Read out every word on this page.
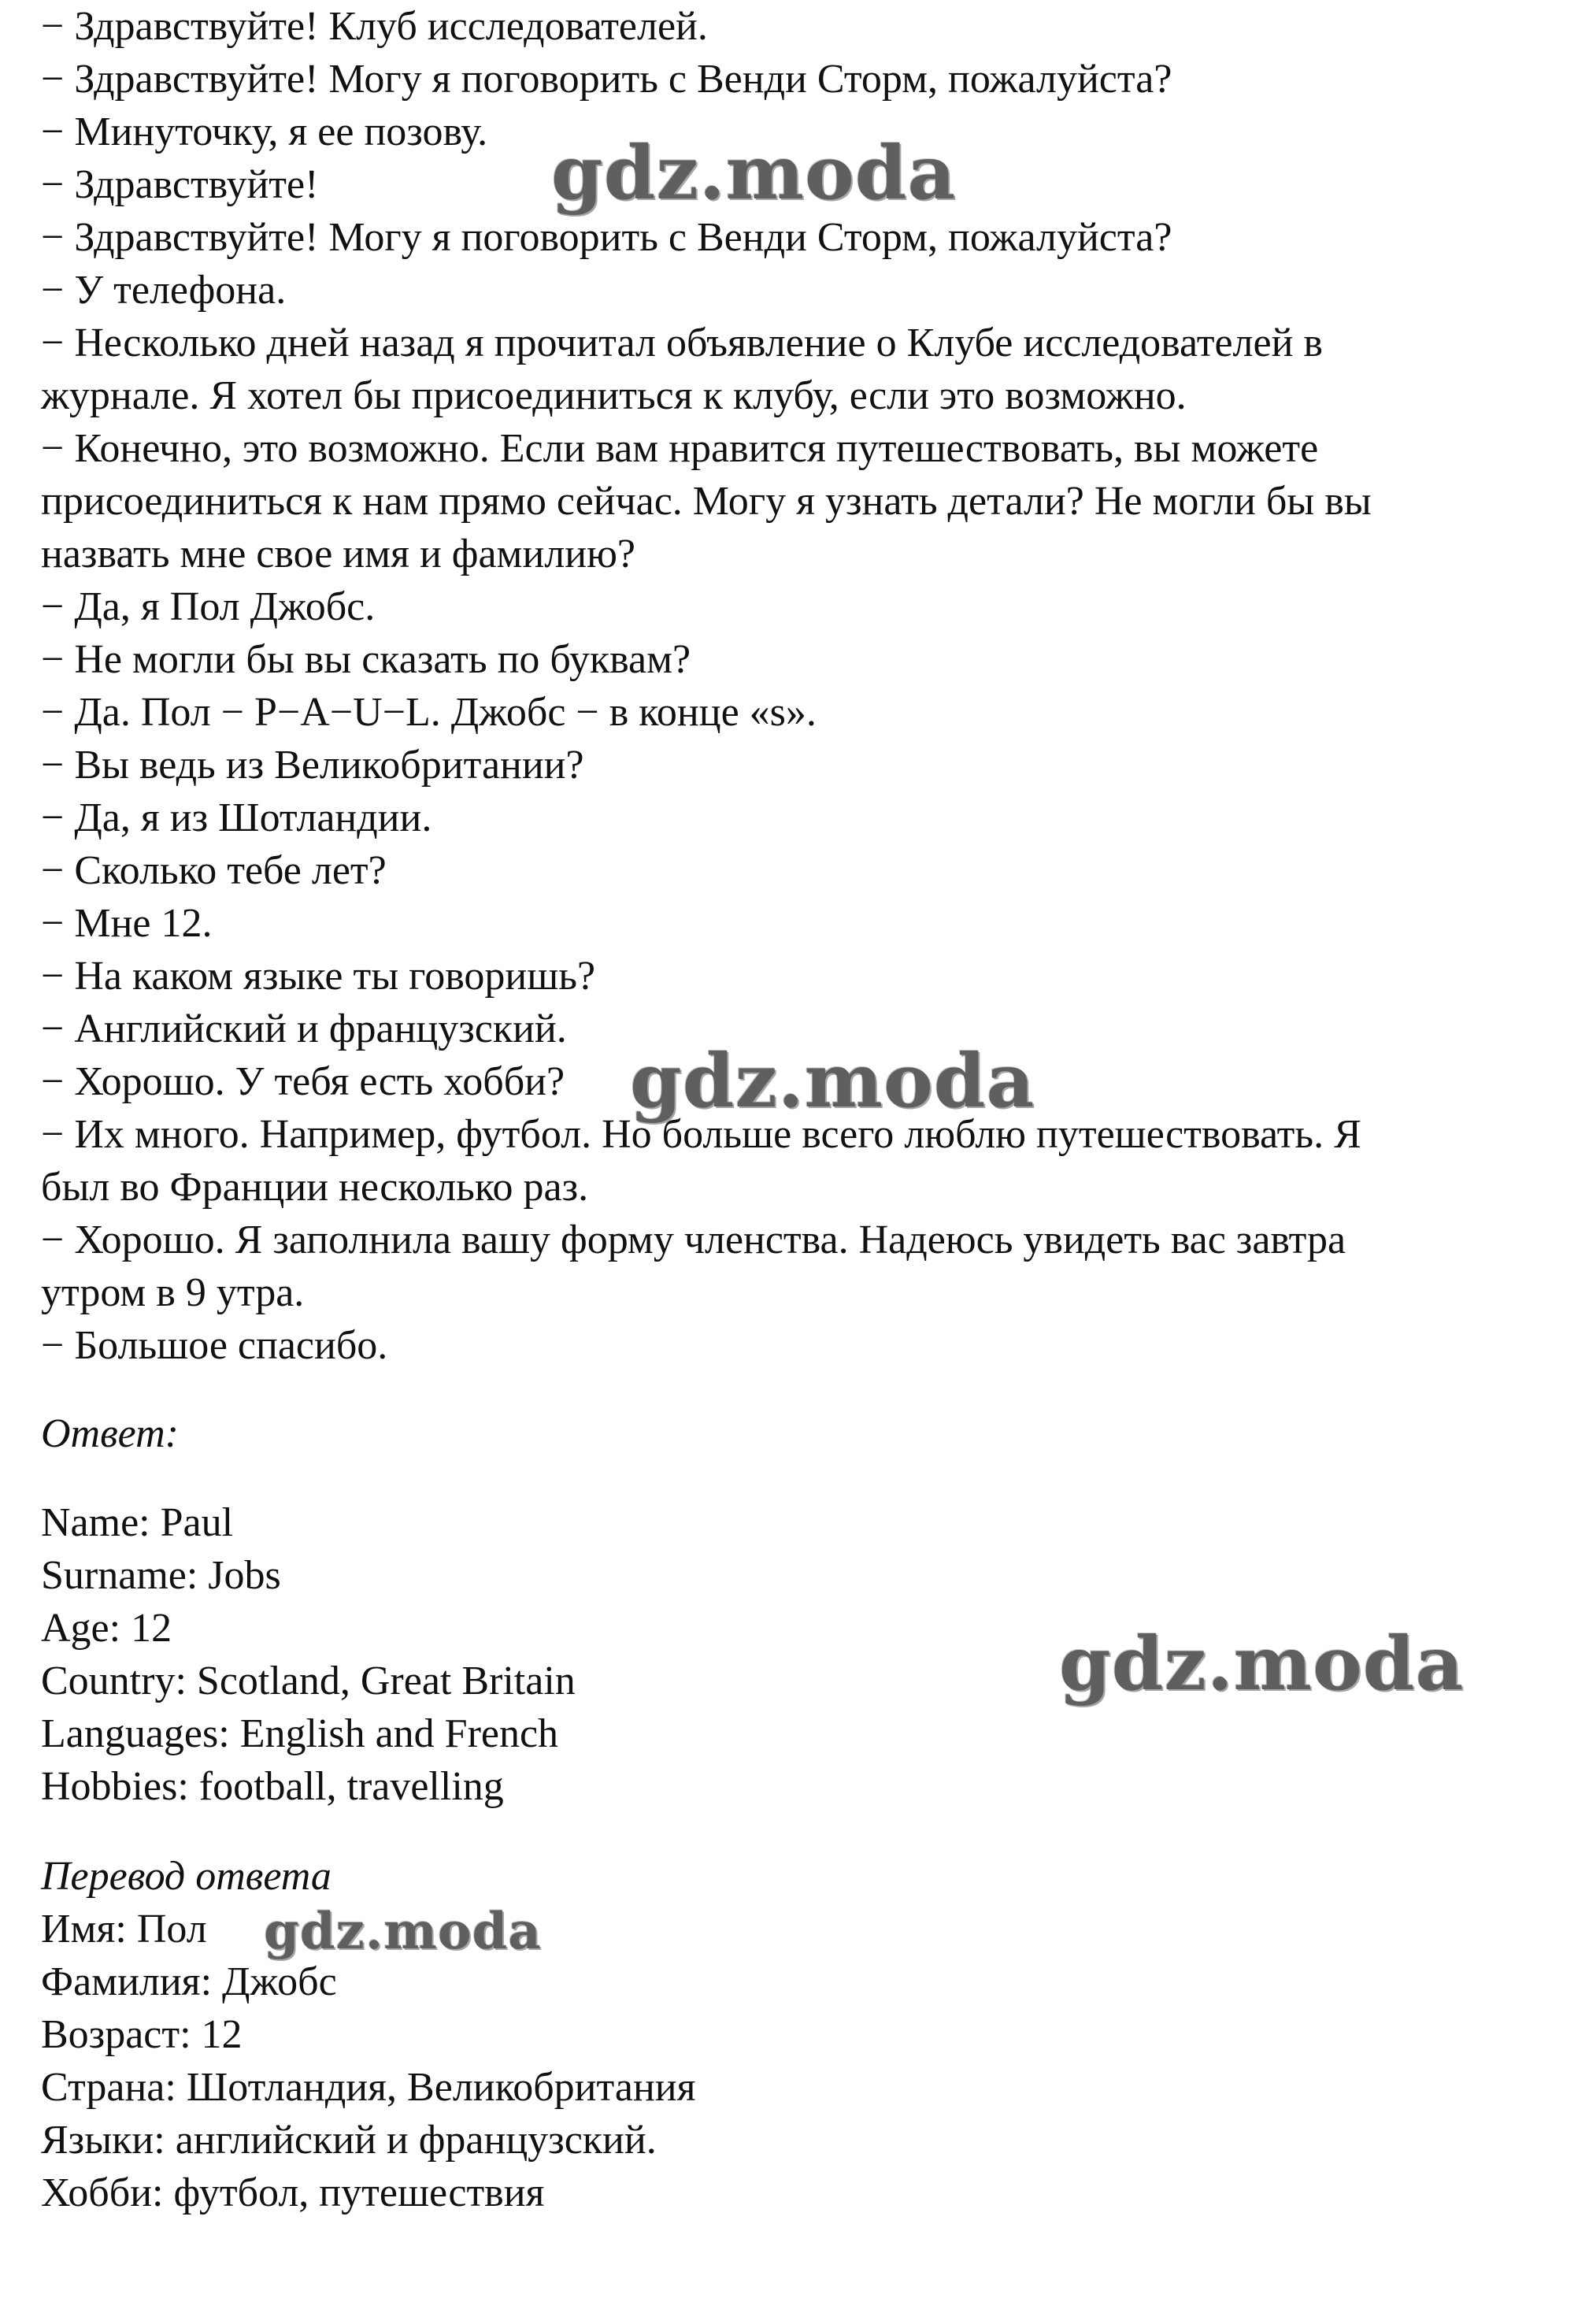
− Здравствуйте! Клуб исследователей.

− Здравствуйте! Могу я поговорить с Венди Сторм, пожалуйста?

− Минуточку, я ее позову.

− Здравствуйте!

− Здравствуйте! Могу я поговорить с Венди Сторм, пожалуйста?

− У телефона.

− Несколько дней назад я прочитал объявление о Клубе исследователей в

журнале. Я хотел бы присоединиться к клубу, если это возможно.

− Конечно, это возможно. Если вам нравится путешествовать, вы можете

присоединиться к нам прямо сейчас. Могу я узнать детали? Не могли бы вы

назвать мне свое имя и фамилию?

− Да, я Пол Джобс.

− Не могли бы вы сказать по буквам?

− Да. Пол − P−A−U−L. Джобс − в конце «s».

− Вы ведь из Великобритании?

− Да, я из Шотландии.

− Сколько тебе лет?

− Мне 12.

− На каком языке ты говоришь?

− Английский и французский.

− Хорошо. У тебя есть хобби?

− Их много. Например, футбол. Но больше всего люблю путешествовать. Я

был во Франции несколько раз.

− Хорошо. Я заполнила вашу форму членства. Надеюсь увидеть вас завтра

утром в 9 утра.

− Большое спасибо.

Ответ:

Name: Paul

Surname: Jobs

Age: 12

Country: Scotland, Great Britain

Languages: English and French

Hobbies: football, travelling

Перевод ответа

Имя: Пол

Фамилия: Джобс

Возраст: 12

Страна: Шотландия, Великобритания

Языки: английский и французский.

Хобби: футбол, путешествия

gdz.moda
gdz.moda
gdz.moda
gdz.moda
